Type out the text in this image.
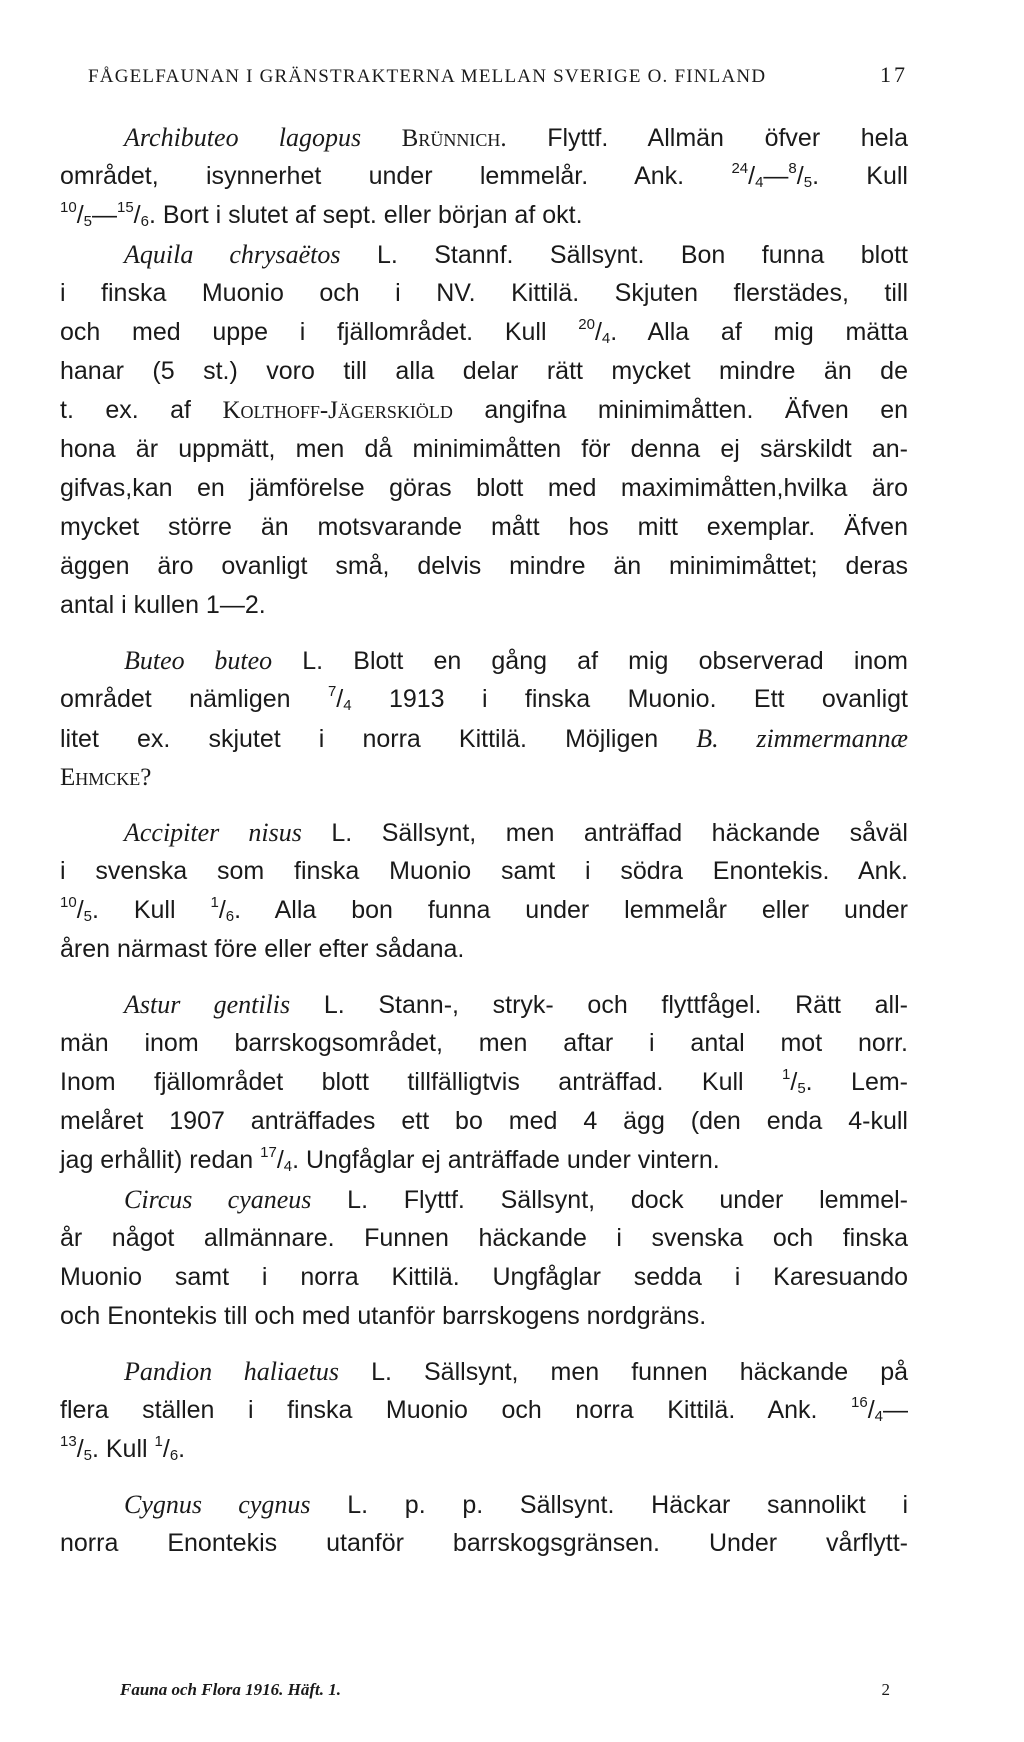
FÅGELFAUNAN I GRÄNSTRAKTERNA MELLAN SVERIGE O. FINLAND	17
Archibuteo lagopus Brünnich. Flyttf. Allmän öfver hela
området, isynnerhet under lemmelår. Ank.	$^{24}/_4—^8/_5$. Kull
$^{10}/_5—^{15}/_6$. Bort i slutet af sept. eller början af okt.
Aquila chrysaëtos L. Stannf. Sällsynt. Bon funna blott
i finska Muonio och i NV. Kittilä. Skjuten flerstädes, till
och med uppe i fjällområdet. Kull $^{20}/_4$. Alla af mig mätta
hanar (5 st.) voro till alla delar rätt mycket mindre än de
t. ex. af Kolthoff-Jägerskiöld angifna minimimåtten. Äfven en
hona är uppmätt, men då minimimåtten för denna ej särskildt an-
gifvas,kan en jämförelse göras blott med maximimåtten,hvilka äro
mycket större än motsvarande mått hos mitt exemplar. Äfven
äggen äro ovanligt små, delvis mindre än minimimåttet; deras
antal i kullen 1—2.
Buteo buteo L. Blott en gång af mig observerad inom
området nämligen $^7/_4$ 1913 i finska Muonio. Ett ovanligt
litet ex. skjutet i norra Kittilä. Möjligen B. zimmermannæ
Ehmcke?
Accipiter nisus L. Sällsynt, men anträffad häckande såväl
i svenska som finska Muonio samt i södra Enontekis. Ank.
$^{10}/_5$. Kull $^1/_6$. Alla bon funna under lemmelår eller under
åren närmast före eller efter sådana.
Astur gentilis L. Stann-, stryk- och flyttfågel. Rätt all-
män inom barrskogsområdet, men aftar i antal mot norr.
Inom fjällområdet blott tillfälligtvis anträffad. Kull	$^1/_5$. Lem-
melåret 1907 anträffades ett bo med 4 ägg (den enda 4-kull
jag erhållit) redan $^{17}/_4$. Ungfåglar ej anträffade under vintern.
Circus cyaneus L. Flyttf. Sällsynt, dock under lemmel-
år något allmännare. Funnen häckande i svenska och finska
Muonio samt i norra Kittilä. Ungfåglar sedda i Karesuando
och Enontekis till och med utanför barrskogens nordgräns.
Pandion haliaetus L. Sällsynt, men funnen häckande på
flera ställen i finska Muonio och norra Kittilä. Ank. $^{16}/_4—$
$^{13}/_5$. Kull $^1/_6$.
Cygnus cygnus L. p. p. Sällsynt. Häckar sannolikt i
norra Enontekis utanför barrskogsgränsen. Under vårflytt-
Fauna och Flora 1916. Häft. 1.	2
